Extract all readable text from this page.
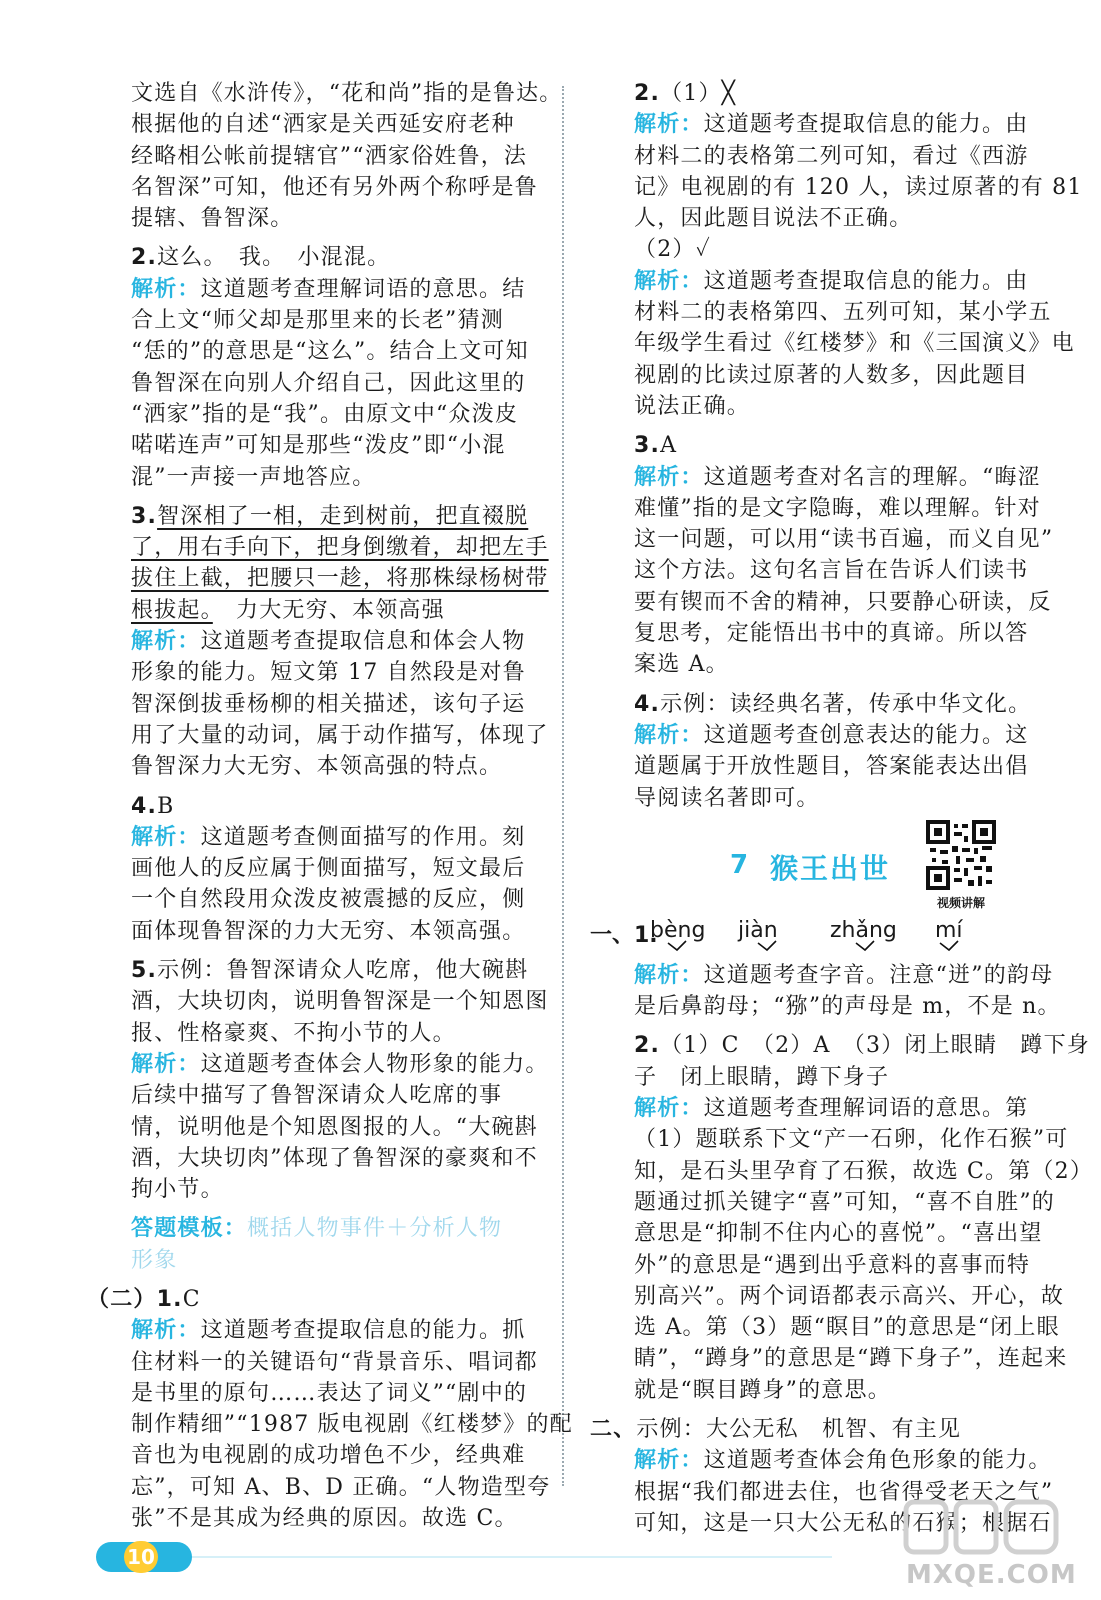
文选自《水浒传》，“花和尚”指的是鲁达。
根据他的自述“洒家是关西延安府老种
经略相公帐前提辖官”“洒家俗姓鲁，法
名智深”可知，他还有另外两个称呼是鲁
提辖、鲁智深。
2.这么。　我。　小混混。
解析：这道题考查理解词语的意思。结
合上文“师父却是那里来的长老”猜测
“恁的”的意思是“这么”。结合上文可知
鲁智深在向别人介绍自己，因此这里的
“洒家”指的是“我”。由原文中“众泼皮
喏喏连声”可知是那些“泼皮”即“小混
混”一声接一声地答应。
3.智深相了一相，走到树前，把直裰脱
了，用右手向下，把身倒缴着，却把左手
拔住上截，把腰只一趁，将那株绿杨树带
根拔起。　力大无穷、本领高强
解析：这道题考查提取信息和体会人物
形象的能力。短文第 17 自然段是对鲁
智深倒拔垂杨柳的相关描述，该句子运
用了大量的动词，属于动作描写，体现了
鲁智深力大无穷、本领高强的特点。
4.B
解析：这道题考查侧面描写的作用。刻
画他人的反应属于侧面描写，短文最后
一个自然段用众泼皮被震撼的反应，侧
面体现鲁智深的力大无穷、本领高强。
5.示例：鲁智深请众人吃席，他大碗斟
酒，大块切肉，说明鲁智深是一个知恩图
报、性格豪爽、不拘小节的人。
解析：这道题考查体会人物形象的能力。
后续中描写了鲁智深请众人吃席的事
情，说明他是个知恩图报的人。“大碗斟
酒，大块切肉”体现了鲁智深的豪爽和不
拘小节。
答题模板：概括人物事件＋分析人物
形象
（二）1.C
解析：这道题考查提取信息的能力。抓
住材料一的关键语句“背景音乐、唱词都
是书里的原句……表达了词义”“剧中的
制作精细”“1987 版电视剧《红楼梦》的配
音也为电视剧的成功增色不少，经典难
忘”，可知 A、B、D 正确。“人物造型夸
张”不是其成为经典的原因。故选 C。
2.（1）╳
解析：这道题考查提取信息的能力。由
材料二的表格第二列可知，看过《西游
记》电视剧的有 120 人，读过原著的有 81
人，因此题目说法不正确。
（2）✓
解析：这道题考查提取信息的能力。由
材料二的表格第四、五列可知，某小学五
年级学生看过《红楼梦》和《三国演义》电
视剧的比读过原著的人数多，因此题目
说法正确。
3.A
解析：这道题考查对名言的理解。“晦涩
难懂”指的是文字隐晦，难以理解。针对
这一问题，可以用“读书百遍，而义自见”
这个方法。这句名言旨在告诉人们读书
要有锲而不舍的精神，只要静心研读，反
复思考，定能悟出书中的真谛。所以答
案选 A。
4.示例：读经典名著，传承中华文化。
解析：这道题考查创意表达的能力。这
道题属于开放性题目，答案能表达出倡
导阅读名著即可。
7 猴王出世
视频讲解
一、1.
bèng jiàn zhǎng mí
解析：这道题考查字音。注意“迸”的韵母
是后鼻韵母；“猕”的声母是 m，不是 n。
2.（1）C　（2）A　（3）闭上眼睛　蹲下身
子　闭上眼睛，蹲下身子
解析：这道题考查理解词语的意思。第
（1）题联系下文“产一石卵，化作石猴”可
知，是石头里孕育了石猴，故选 C。第（2）
题通过抓关键字“喜”可知，“喜不自胜”的
意思是“抑制不住内心的喜悦”。“喜出望
外”的意思是“遇到出乎意料的喜事而特
别高兴”。两个词语都表示高兴、开心，故
选 A。第（3）题“瞑目”的意思是“闭上眼
睛”，“蹲身”的意思是“蹲下身子”，连起来
就是“瞑目蹲身”的意思。
二、示例：大公无私　机智、有主见
解析：这道题考查体会角色形象的能力。
根据“我们都进去住，也省得受老天之气”
可知，这是一只大公无私的石猴；根据石
10
MXQE.COM
